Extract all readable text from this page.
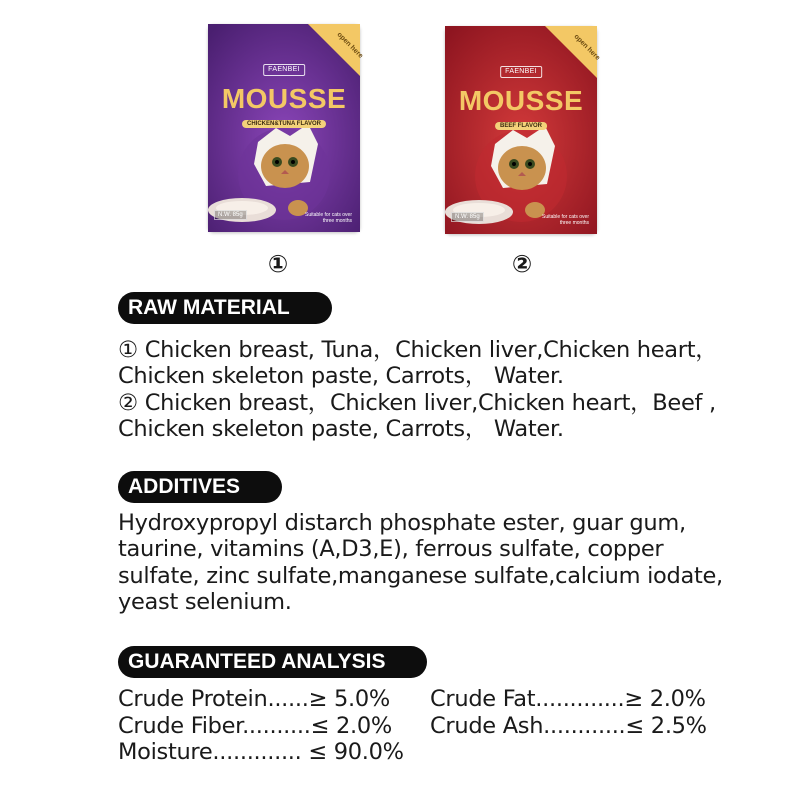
FAENBEI
MOUSSE
CHICKEN&TUNA FLAVOR
open here
N.W. 85g	Suitable for cats over three months
①
FAENBEI
MOUSSE
BEEF FLAVOR
open here
N.W. 85g	Suitable for cats over three months
②
RAW MATERIAL
① Chicken breast, Tuna，Chicken liver,Chicken heart，
Chicken skeleton paste, Carrots， Water.
② Chicken breast，Chicken liver,Chicken heart，Beef ,
Chicken skeleton paste, Carrots， Water.
ADDITIVES
Hydroxypropyl distarch phosphate ester, guar gum,
taurine, vitamins (A,D3,E), ferrous sulfate, copper
sulfate, zinc sulfate,manganese sulfate,calcium iodate,
yeast selenium.
GUARANTEED ANALYSIS
Crude Protein......≥ 5.0% Crude Fat.............≥ 2.0%
Crude Fiber..........≤ 2.0% Crude Ash............≤ 2.5%
Moisture............. ≤ 90.0%
